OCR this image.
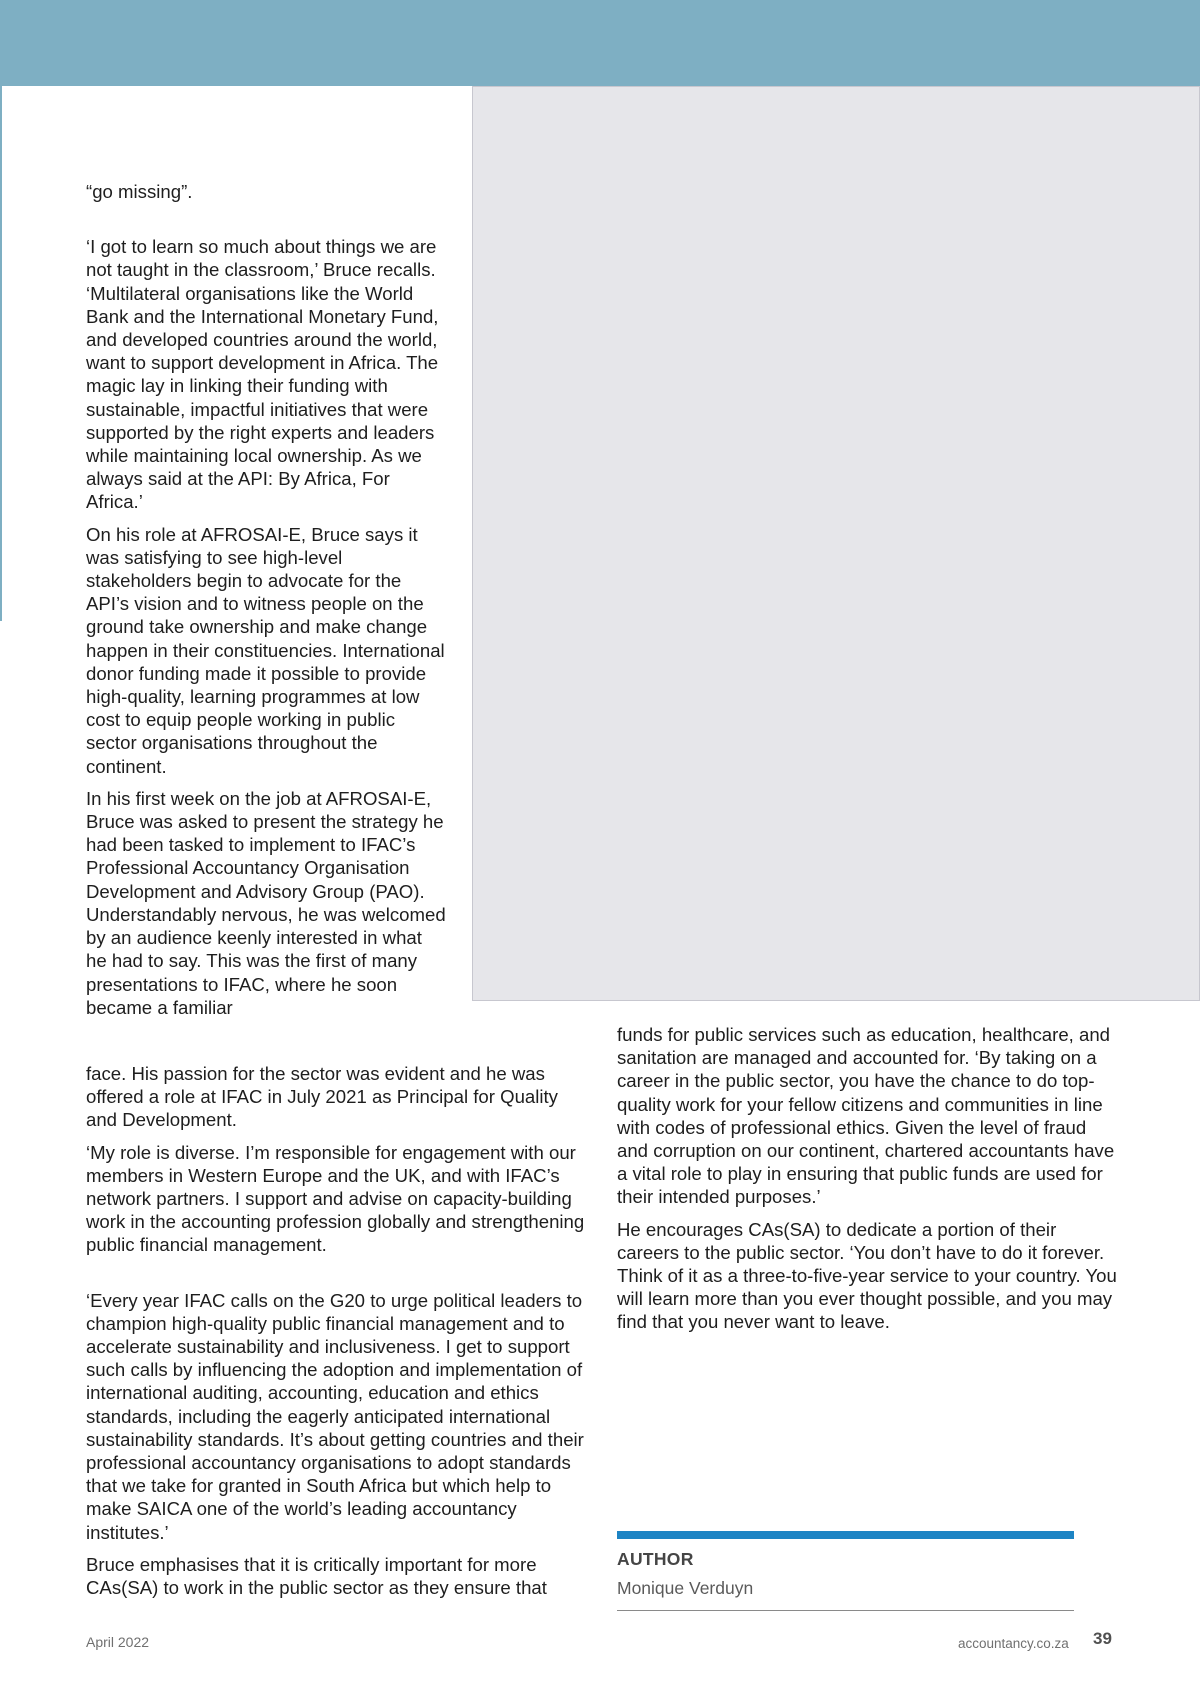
“go missing”.

‘I got to learn so much about things we are not taught in the classroom,’ Bruce recalls. ‘Multilateral organisations like the World Bank and the International Monetary Fund, and developed countries around the world, want to support development in Africa. The magic lay in linking their funding with sustainable, impactful initiatives that were supported by the right experts and leaders while maintaining local ownership. As we always said at the API: By Africa, For Africa.’

On his role at AFROSAI-E, Bruce says it was satisfying to see high-level stakeholders begin to advocate for the API’s vision and to witness people on the ground take ownership and make change happen in their constituencies. International donor funding made it possible to provide high-quality, learning programmes at low cost to equip people working in public sector organisations throughout the continent.

In his first week on the job at AFROSAI-E, Bruce was asked to present the strategy he had been tasked to implement to IFAC’s Professional Accountancy Organisation Development and Advisory Group (PAO). Understandably nervous, he was welcomed by an audience keenly interested in what he had to say. This was the first of many presentations to IFAC, where he soon became a familiar

face. His passion for the sector was evident and he was offered a role at IFAC in July 2021 as Principal for Quality and Development.

‘My role is diverse. I’m responsible for engagement with our members in Western Europe and the UK, and with IFAC’s network partners. I support and advise on capacity-building work in the accounting profession globally and strengthening public financial management.

‘Every year IFAC calls on the G20 to urge political leaders to champion high-quality public financial management and to accelerate sustainability and inclusiveness. I get to support such calls by influencing the adoption and implementation of international auditing, accounting, education and ethics standards, including the eagerly anticipated international sustainability standards. It’s about getting countries and their professional accountancy organisations to adopt standards that we take for granted in South Africa but which help to make SAICA one of the world’s leading accountancy institutes.’

Bruce emphasises that it is critically important for more CAs(SA) to work in the public sector as they ensure that

funds for public services such as education, healthcare, and sanitation are managed and accounted for. ‘By taking on a career in the public sector, you have the chance to do top-quality work for your fellow citizens and communities in line with codes of professional ethics. Given the level of fraud and corruption on our continent, chartered accountants have a vital role to play in ensuring that public funds are used for their intended purposes.’

He encourages CAs(SA) to dedicate a portion of their careers to the public sector. ‘You don’t have to do it forever. Think of it as a three-to-five-year service to your country. You will learn more than you ever thought possible, and you may find that you never want to leave.

AUTHOR
Monique Verduyn
April 2022	accountancy.co.za 39
